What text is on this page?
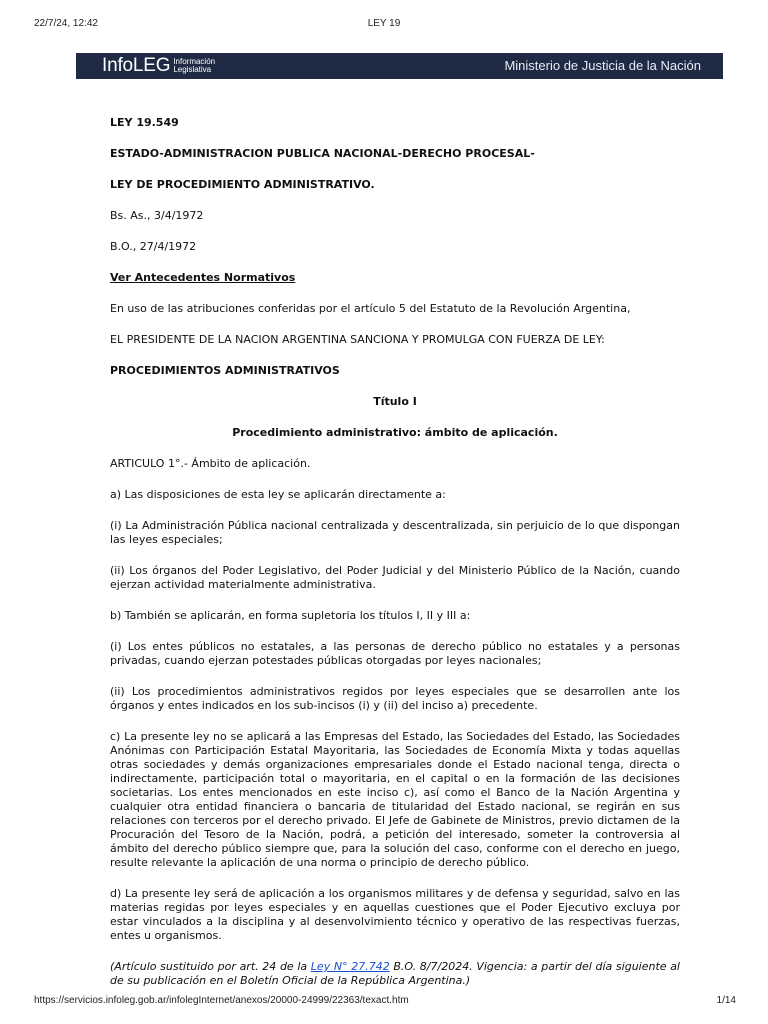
22/7/24, 12:42	LEY 19
InfoLEG Información
Legislativa	Ministerio de Justicia de la Nación

LEY 19.549

ESTADO-ADMINISTRACION PUBLICA NACIONAL-DERECHO PROCESAL-

LEY DE PROCEDIMIENTO ADMINISTRATIVO.

Bs. As., 3/4/1972

B.O., 27/4/1972

Ver Antecedentes Normativos

En uso de las atribuciones conferidas por el artículo 5 del Estatuto de la Revolución Argentina,

EL PRESIDENTE DE LA NACION ARGENTINA SANCIONA Y PROMULGA CON FUERZA DE LEY:

PROCEDIMIENTOS ADMINISTRATIVOS

Título I

Procedimiento administrativo: ámbito de aplicación.

ARTICULO 1°.- Ámbito de aplicación.

a) Las disposiciones de esta ley se aplicarán directamente a:

(i) La Administración Pública nacional centralizada y descentralizada, sin perjuicio de lo que dispongan las leyes especiales;

(ii) Los órganos del Poder Legislativo, del Poder Judicial y del Ministerio Público de la Nación, cuando ejerzan actividad materialmente administrativa.

b) También se aplicarán, en forma supletoria los títulos I, II y III a:

(i) Los entes públicos no estatales, a las personas de derecho público no estatales y a personas privadas, cuando ejerzan potestades públicas otorgadas por leyes nacionales;

(ii) Los procedimientos administrativos regidos por leyes especiales que se desarrollen ante los órganos y entes indicados en los sub-incisos (i) y (ii) del inciso a) precedente.

c) La presente ley no se aplicará a las Empresas del Estado, las Sociedades del Estado, las Sociedades Anónimas con Participación Estatal Mayoritaria, las Sociedades de Economía Mixta y todas aquellas otras sociedades y demás organizaciones empresariales donde el Estado nacional tenga, directa o indirectamente, participación total o mayoritaria, en el capital o en la formación de las decisiones societarias. Los entes mencionados en este inciso c), así como el Banco de la Nación Argentina y cualquier otra entidad financiera o bancaria de titularidad del Estado nacional, se regirán en sus relaciones con terceros por el derecho privado. El Jefe de Gabinete de Ministros, previo dictamen de la Procuración del Tesoro de la Nación, podrá, a petición del interesado, someter la controversia al ámbito del derecho público siempre que, para la solución del caso, conforme con el derecho en juego, resulte relevante la aplicación de una norma o principio de derecho público.

d) La presente ley será de aplicación a los organismos militares y de defensa y seguridad, salvo en las materias regidas por leyes especiales y en aquellas cuestiones que el Poder Ejecutivo excluya por estar vinculados a la disciplina y al desenvolvimiento técnico y operativo de las respectivas fuerzas, entes u organismos.

(Artículo sustituido por art. 24 de la Ley N° 27.742 B.O. 8/7/2024. Vigencia: a partir del día siguiente al de su publicación en el Boletín Oficial de la República Argentina.)

https://servicios.infoleg.gob.ar/infolegInternet/anexos/20000-24999/22363/texact.htm	1/14
